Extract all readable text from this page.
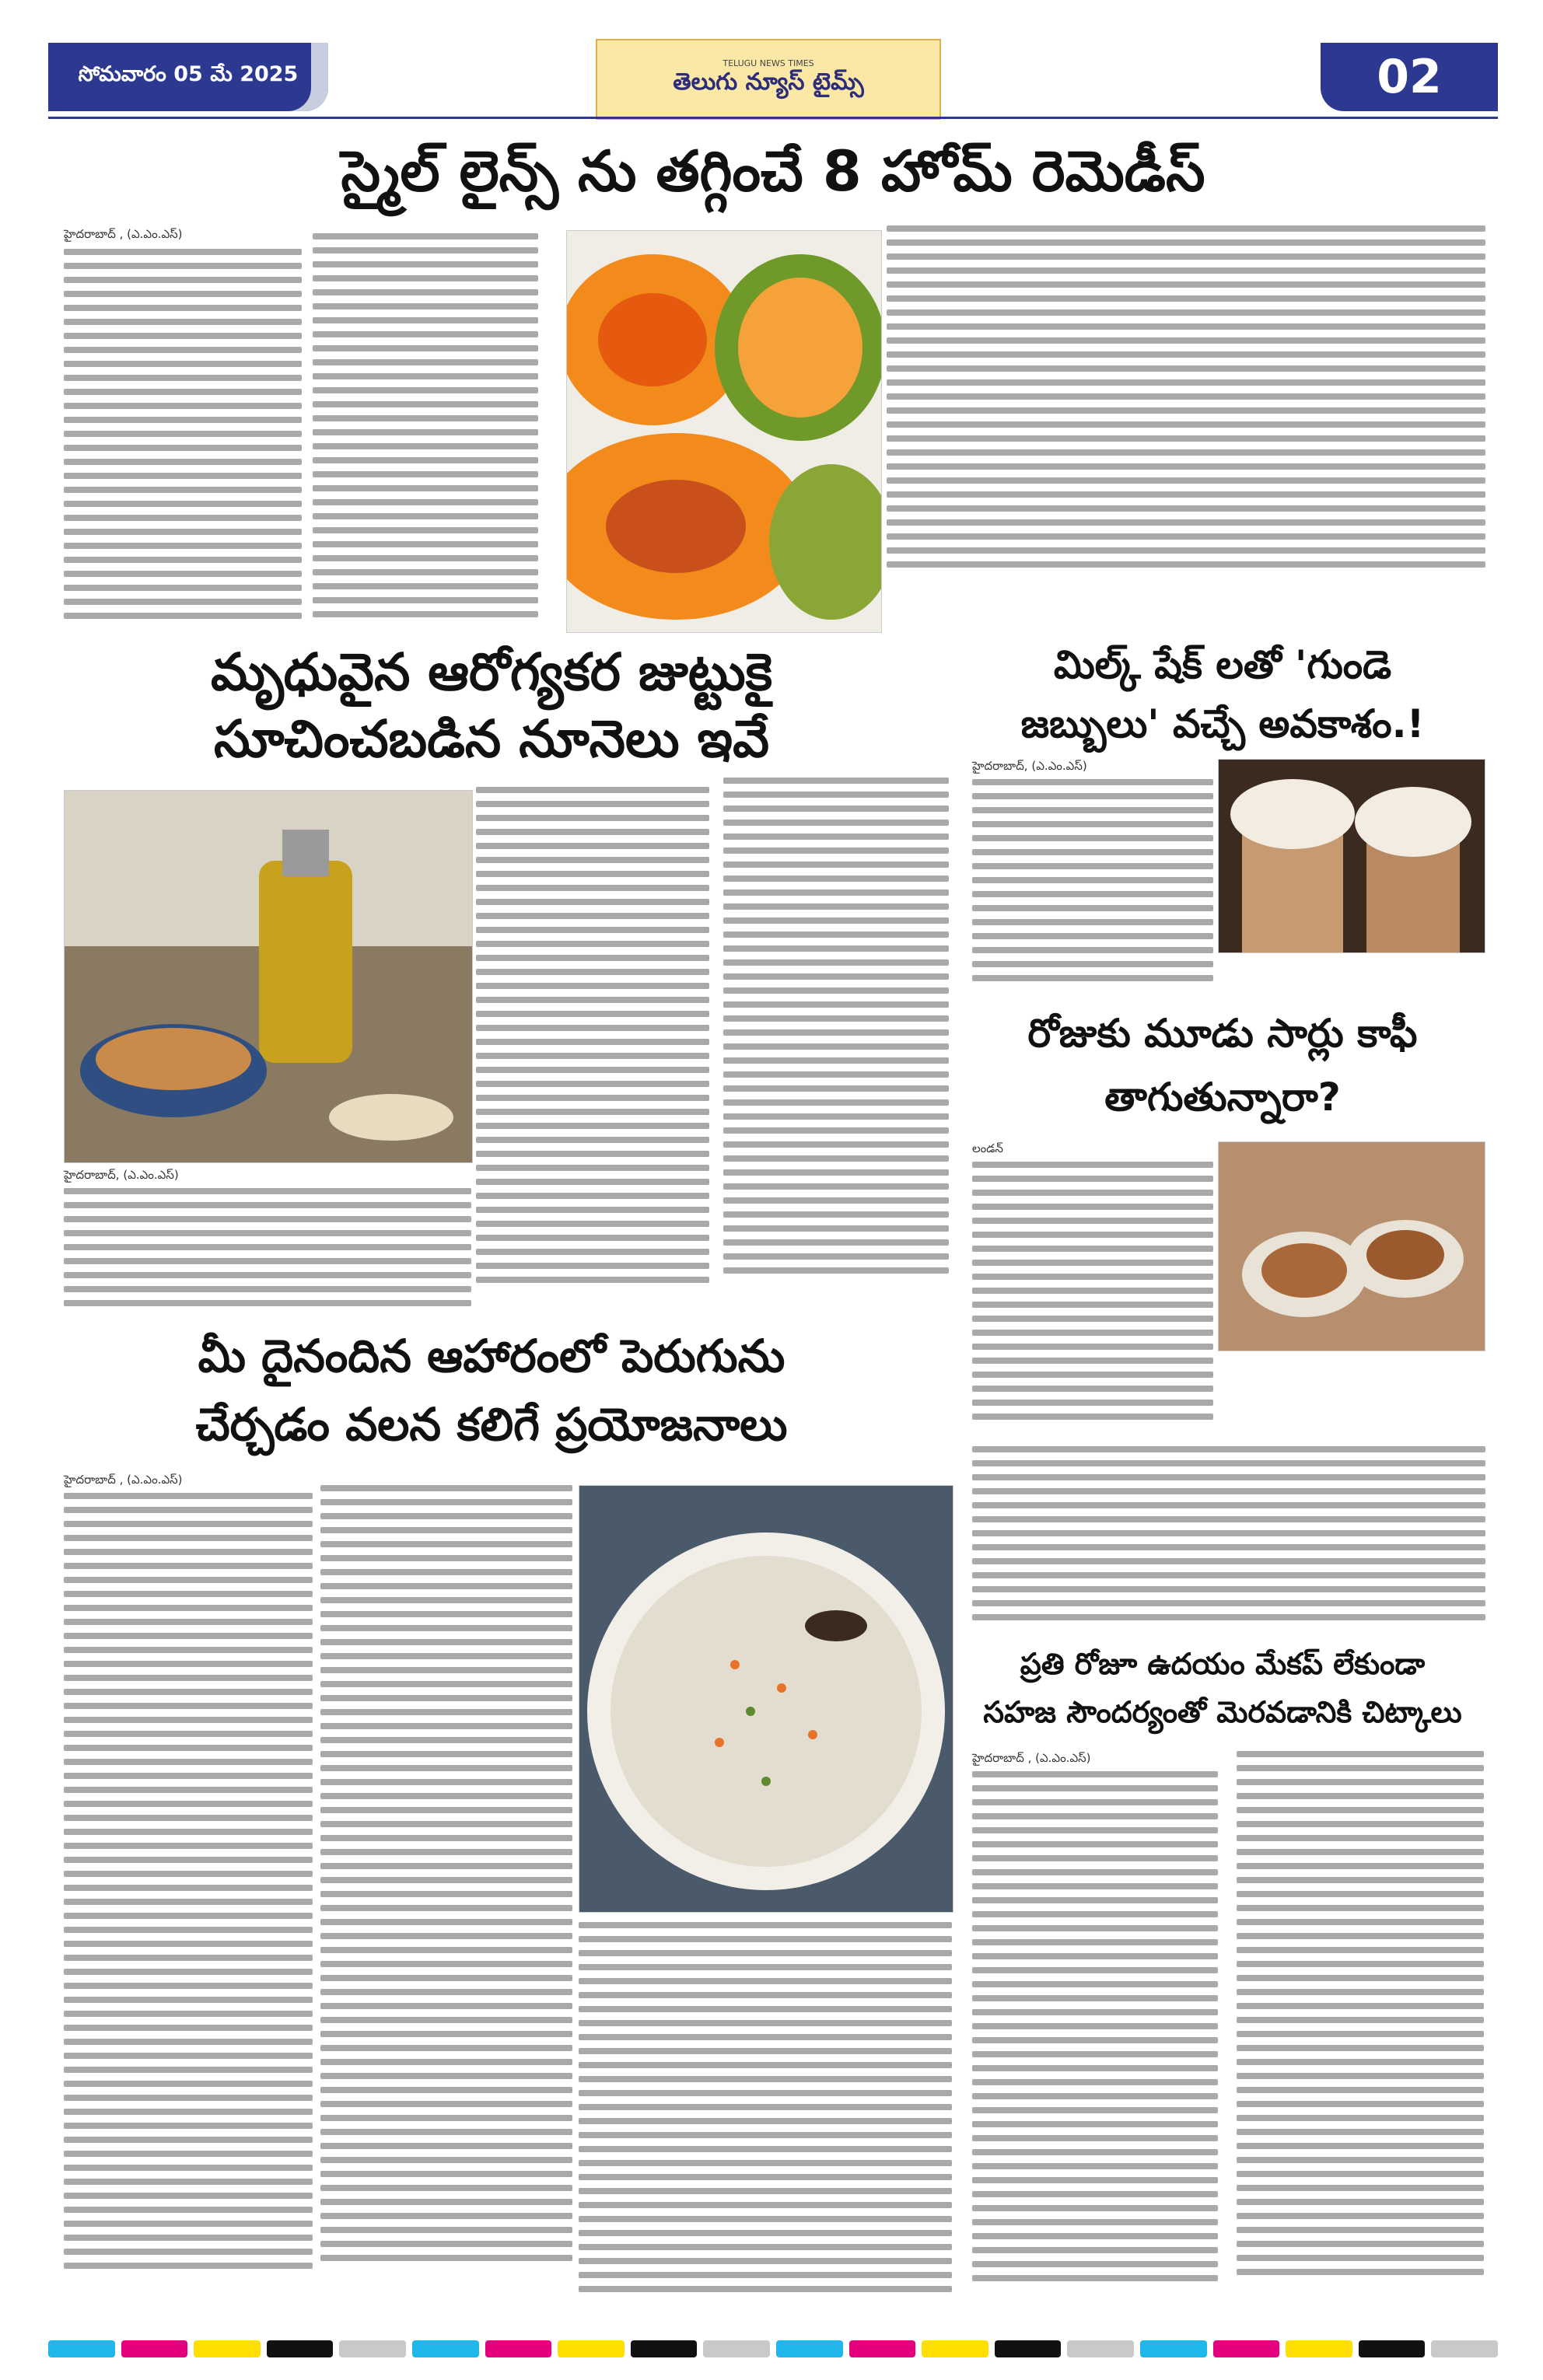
సోమవారం 05 మే 2025	TELUGU NEWS TIMES
తెలుగు న్యూస్ టైమ్స్	02
స్మైల్ లైన్స్ ను తగ్గించే 8 హోమ్ రెమెడీస్
హైదరాబాద్ , (ఎ.ఎం.ఎస్)
మృధువైన ఆరోగ్యకర జుట్టుకై
సూచించబడిన నూనెలు ఇవే
హైదరాబాద్, (ఎ.ఎం.ఎస్)
మిల్క్ షేక్ లతో 'గుండె
జబ్బులు' వచ్చే అవకాశం.!
హైదరాబాద్, (ఎ.ఎం.ఎస్)
రోజుకు మూడు సార్లు కాఫీ
తాగుతున్నారా?
లండన్
మీ దైనందిన ఆహారంలో పెరుగును
చేర్చడం వలన కలిగే ప్రయోజనాలు
హైదరాబాద్ , (ఎ.ఎం.ఎస్)
ప్రతి రోజూ ఉదయం మేకప్ లేకుండా
సహజ సౌందర్యంతో మెరవడానికి చిట్కాలు
హైదరాబాద్ , (ఎ.ఎం.ఎస్)
